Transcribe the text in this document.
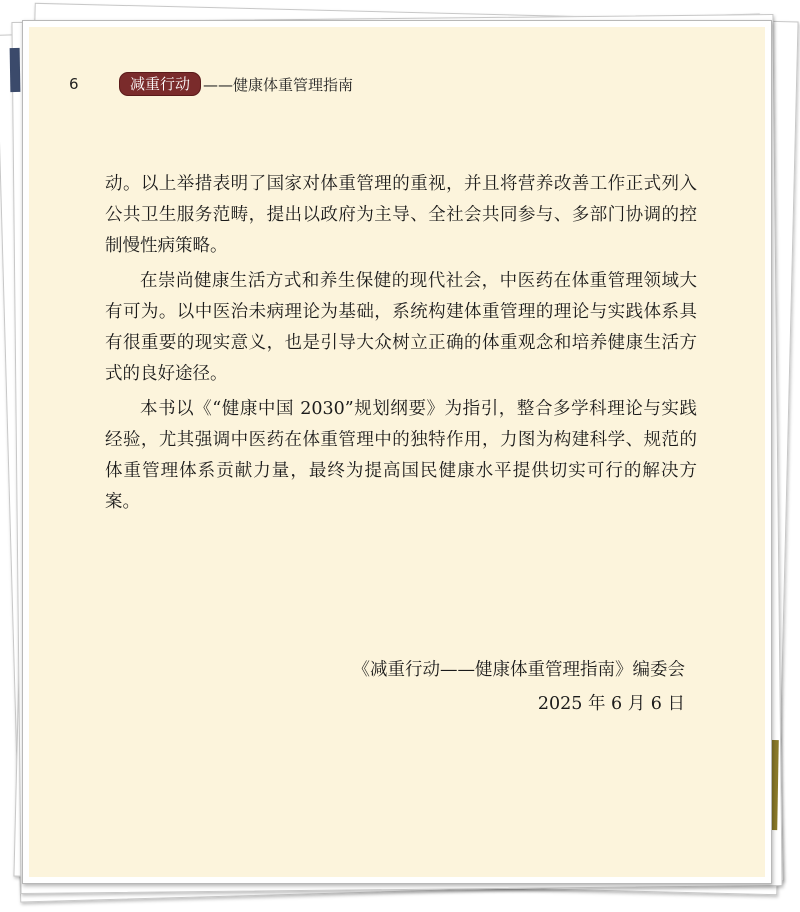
6	减重行动 ——健康体重管理指南

动。以上举措表明了国家对体重管理的重视，并且将营养改善工作正式列入公共卫生服务范畴，提出以政府为主导、全社会共同参与、多部门协调的控制慢性病策略。

在崇尚健康生活方式和养生保健的现代社会，中医药在体重管理领域大有可为。以中医治未病理论为基础，系统构建体重管理的理论与实践体系具有很重要的现实意义，也是引导大众树立正确的体重观念和培养健康生活方式的良好途径。

本书以《“健康中国 2030”规划纲要》为指引，整合多学科理论与实践经验，尤其强调中医药在体重管理中的独特作用，力图为构建科学、规范的体重管理体系贡献力量，最终为提高国民健康水平提供切实可行的解决方案。

《减重行动——健康体重管理指南》编委会
2025 年 6 月 6 日
